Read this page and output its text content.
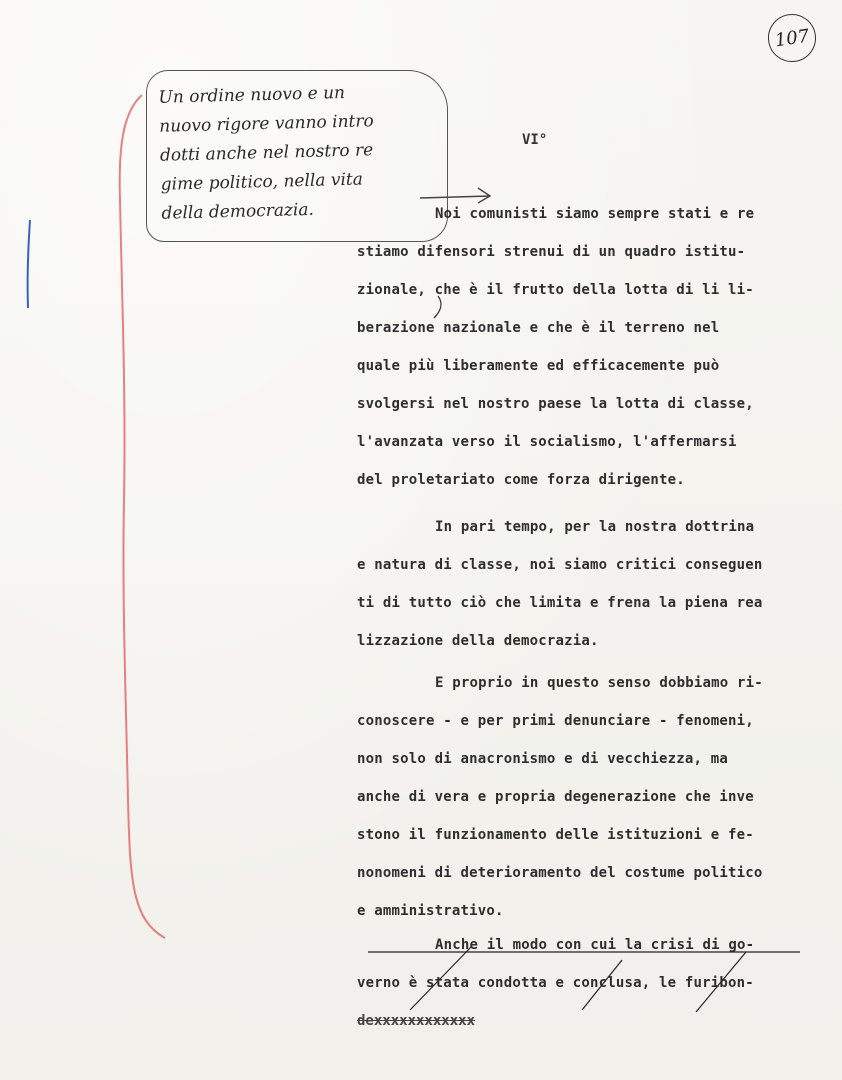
107
Un ordine nuovo e un
nuovo rigore vanno intro
dotti anche nel nostro re
gime politico, nella vita
della democrazia.
VI°
Noi comunisti siamo sempre stati e re
stiamo difensori strenui di un quadro istitu-
zionale, che è il frutto della lotta di li li-
berazione nazionale e che è il terreno nel
quale più liberamente ed efficacemente può
svolgersi nel nostro paese la lotta di classe,
l'avanzata verso il socialismo, l'affermarsi
del proletariato come forza dirigente.
In pari tempo, per la nostra dottrina
e natura di classe, noi siamo critici conseguen
ti di tutto ciò che limita e frena la piena rea
lizzazione della democrazia.
E proprio in questo senso dobbiamo ri-
conoscere - e per primi denunciare - fenomeni,
non solo di anacronismo e di vecchiezza, ma
anche di vera e propria degenerazione che inve
stono il funzionamento delle istituzioni e fe-
nonomeni di deterioramento del costume politico
e amministrativo.
Anche il modo con cui la crisi di go-
verno è stata condotta e conclusa, le furibon-
dexxxxxxxxxxxx
